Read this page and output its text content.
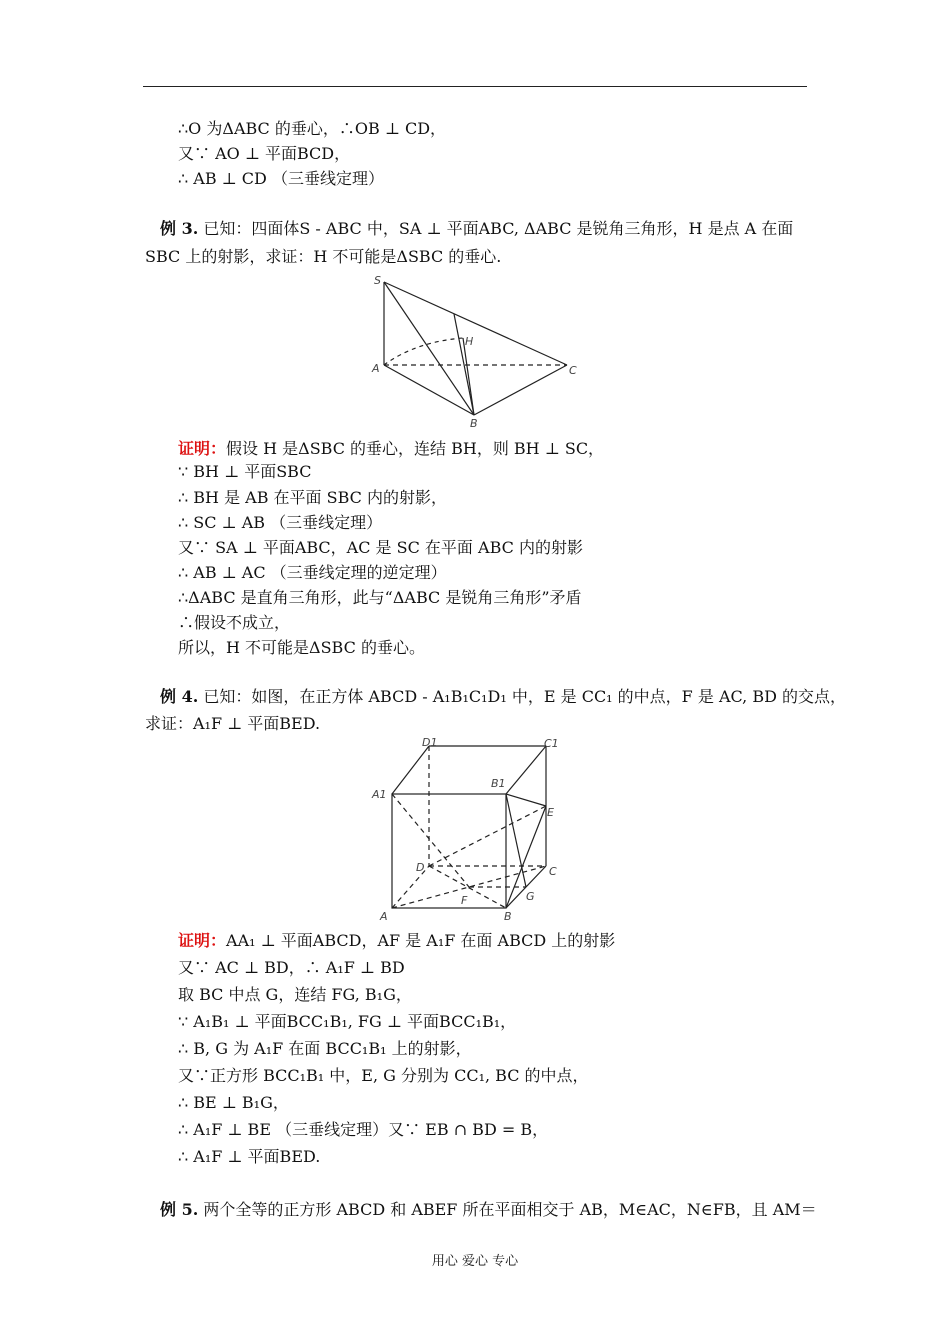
∴O 为ΔABC 的垂心，∴OB ⊥ CD，
又∵ AO ⊥ 平面BCD，
∴ AB ⊥ CD （三垂线定理）
例 3. 已知：四面体S - ABC 中，SA ⊥ 平面ABC, ΔABC 是锐角三角形，H 是点 A 在面
SBC 上的射影，求证：H 不可能是ΔSBC 的垂心.
S
H
A	C
B
证明：假设 H 是ΔSBC 的垂心，连结 BH，则 BH ⊥ SC，
∵ BH ⊥ 平面SBC
∴ BH 是 AB 在平面 SBC 内的射影，
∴ SC ⊥ AB （三垂线定理）
又∵ SA ⊥ 平面ABC，AC 是 SC 在平面 ABC 内的射影
∴ AB ⊥ AC （三垂线定理的逆定理）
∴ΔABC 是直角三角形，此与“ΔABC 是锐角三角形”矛盾
∴假设不成立，
所以，H 不可能是ΔSBC 的垂心。
例 4. 已知：如图，在正方体 ABCD - A₁B₁C₁D₁ 中，E 是 CC₁ 的中点，F 是 AC, BD 的交点，
求证：A₁F ⊥ 平面BED.
D1	C1
A1
B1
E
D	C
F	G
A	B
证明：AA₁ ⊥ 平面ABCD，AF 是 A₁F 在面 ABCD 上的射影
又∵ AC ⊥ BD，∴ A₁F ⊥ BD
取 BC 中点 G，连结 FG, B₁G，
∵ A₁B₁ ⊥ 平面BCC₁B₁, FG ⊥ 平面BCC₁B₁，
∴ B, G 为 A₁F 在面 BCC₁B₁ 上的射影，
又∵正方形 BCC₁B₁ 中，E, G 分别为 CC₁, BC 的中点，
∴ BE ⊥ B₁G，
∴ A₁F ⊥ BE （三垂线定理）又∵ EB ∩ BD = B，
∴ A₁F ⊥ 平面BED.
例 5. 两个全等的正方形 ABCD 和 ABEF 所在平面相交于 AB，M∈AC，N∈FB，且 AM＝
用心 爱心 专心
